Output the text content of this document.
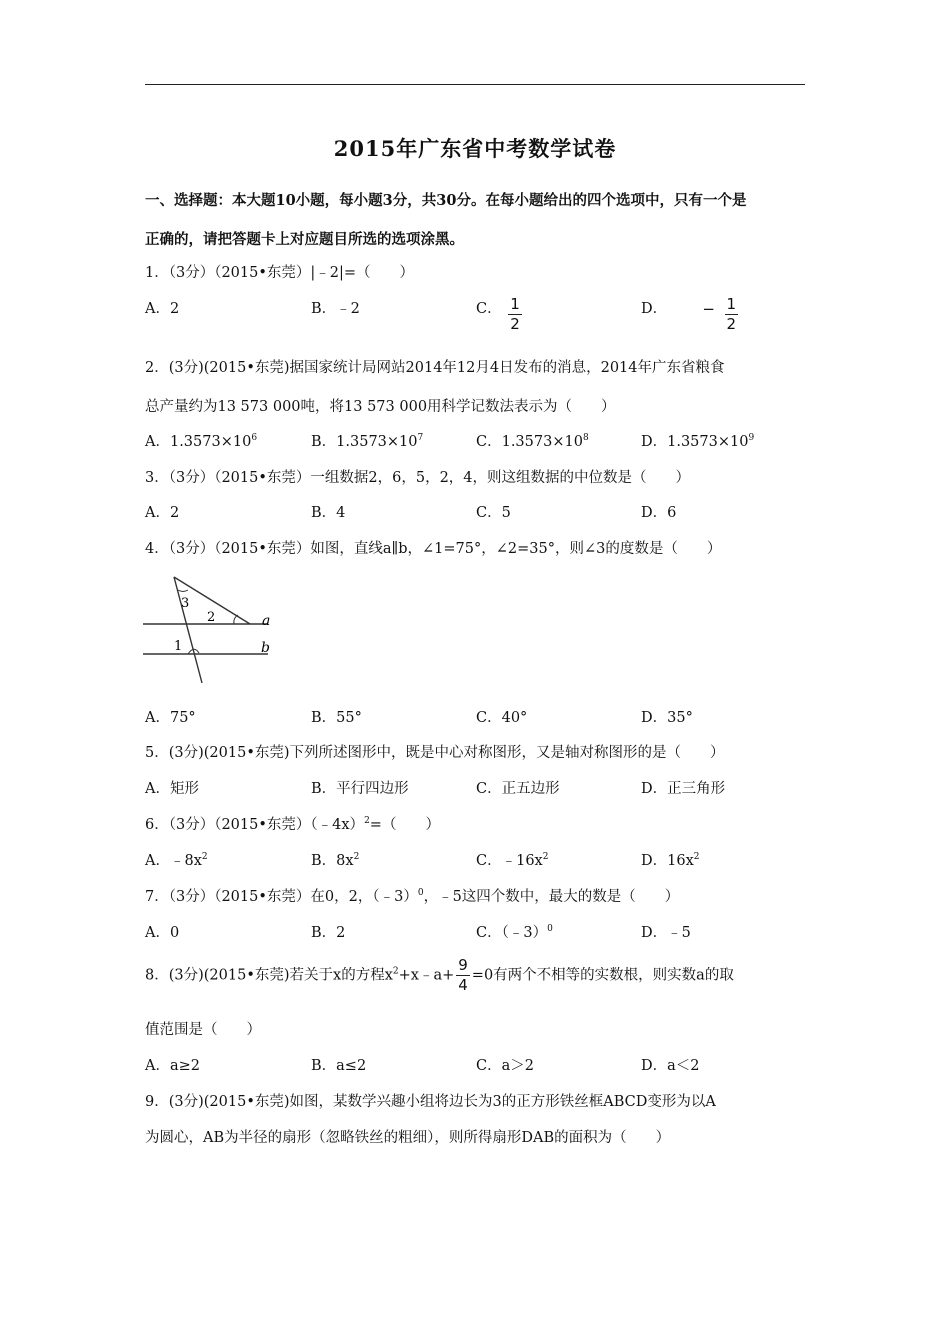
2015年广东省中考数学试卷
一、选择题：本大题10小题，每小题3分，共30分。在每小题给出的四个选项中，只有一个是
正确的，请把答题卡上对应题目所选的选项涂黑。
1．（3分）（2015•东莞）|﹣2|=（　　）
A．2	B．﹣2	C． $\frac{1}{2}$	D． − $\frac{1}{2}$
2．(3分)(2015•东莞)据国家统计局网站2014年12月4日发布的消息，2014年广东省粮食
总产量约为13 573 000吨，将13 573 000用科学记数法表示为（　　）
A．$1.3573\times 10^6$	B．$1.3573\times 10^7$	C．$1.3573\times 10^8$	D．$1.3573\times 10^9$
3．（3分）（2015•东莞）一组数据2，6，5，2，4，则这组数据的中位数是（　　）
A．2	B．4	C．5	D．6
4．（3分）（2015•东莞）如图，直线a∥b，∠1=75°，∠2=35°，则∠3的度数是（　　）
3
2
1
a
b
A．75°	B．55°	C．40°	D．35°
5．(3分)(2015•东莞)下列所述图形中，既是中心对称图形，又是轴对称图形的是（　　）
A．矩形	B．平行四边形	C．正五边形	D．正三角形
6．（3分）（2015•东莞）（﹣4x）$^2$=（　　）
A．$﹣8x^2$	B．$8x^2$	C．$﹣16x^2$	D．$16x^2$
7．（3分）（2015•东莞）在0，2，（﹣3）$^0$，﹣5这四个数中，最大的数是（　　）
A．0	B．2	C．（﹣3）$^0$	D．﹣5
8．(3分)(2015•东莞)若关于x的方程$x^2+x﹣a+ \frac{9}{4} =0$有两个不相等的实数根，则实数a的取
值范围是（　　）
A．a≥2	B．a≤2	C．a＞2	D．a＜2
9．(3分)(2015•东莞)如图，某数学兴趣小组将边长为3的正方形铁丝框ABCD变形为以A
为圆心，AB为半径的扇形（忽略铁丝的粗细），则所得扇形DAB的面积为（　　）
